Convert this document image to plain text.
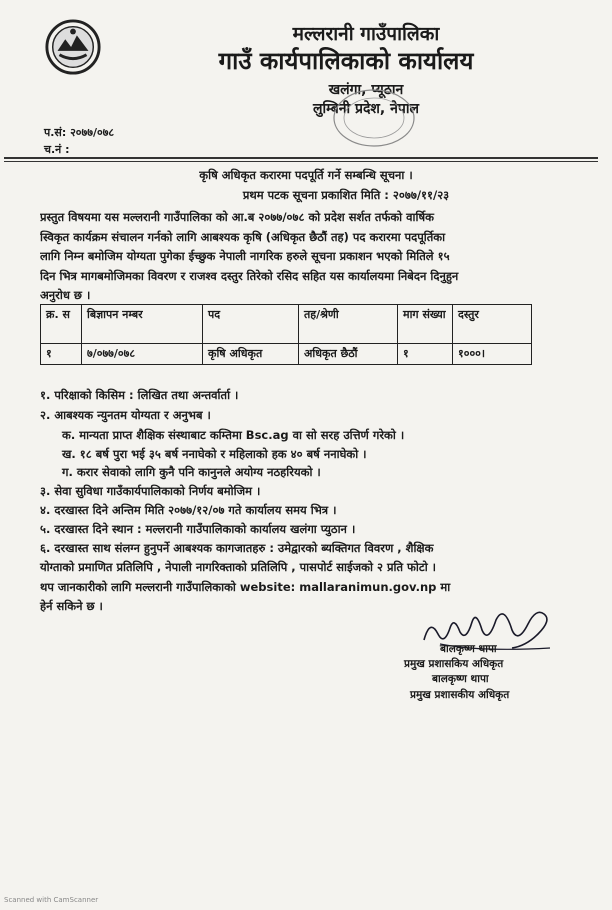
मल्लरानी गाउँपालिका
गाउँ कार्यपालिकाको कार्यालय
खलंगा, प्यूठान
लुम्बिनी प्रदेश, नेपाल
प.सं: २०७७/०७८
च.नं :
कृषि अधिकृत करारमा पदपूर्ति गर्ने सम्बन्धि सूचना ।
प्रथम पटक सूचना प्रकाशित मिति : २०७७/११/२३
प्रस्तुत विषयमा यस मल्लरानी गाउँपालिका को आ.ब २०७७/०७८ को प्रदेश सर्शत तर्फको वार्षिक
स्विकृत कार्यक्रम संचालन गर्नको लागि आबश्यक कृषि (अधिकृत छैठौं तह) पद करारमा पदपूर्तिका
लागि निम्न बमोजिम योग्यता पुगेका ईच्छुक नेपाली नागरिक हरुले सूचना प्रकाशन भएको मितिले १५
दिन भित्र मागबमोजिमका विवरण र राजश्व दस्तुर तिरेको रसिद सहित यस कार्यालयमा निबेदन दिनुहुन
अनुरोध छ ।
क्र. स	बिज्ञापन नम्बर	पद	तह/श्रेणी	माग संख्या	दस्तुर
१	७/०७७/०७८	कृषि अधिकृत	अधिकृत छैठौं	१	१०००।
१. परिक्षाको किसिम : लिखित तथा अन्तर्वार्ता ।
२. आबश्यक न्युनतम योग्यता र अनुभब ।
क. मान्यता प्राप्त शैक्षिक संस्थाबाट कम्तिमा Bsc.ag वा सो सरह उत्तिर्ण गरेको ।
ख. १८ बर्ष पुरा भई ३५ बर्ष ननाघेको र महिलाको हक ४० बर्ष ननाघेको ।
ग. करार सेवाको लागि कुनै पनि कानुनले अयोग्य नठहरियको ।
३. सेवा सुविधा गाउँकार्यपालिकाको निर्णय बमोजिम ।
४. दरखास्त दिने अन्तिम मिति २०७७/१२/०७ गते कार्यालय समय भित्र ।
५. दरखास्त दिने स्थान : मल्लरानी गाउँपालिकाको कार्यालय खलंगा प्युठान ।
६. दरखास्त साथ संलग्न हुनुपर्ने आबश्यक कागजातहरु : उमेद्वारको ब्यक्तिगत विवरण , शैक्षिक
योग्ताको प्रमाणित प्रतिलिपि , नेपाली नागरिक्ताको प्रतिलिपि , पासपोर्ट साईजको २ प्रति फोटो ।
थप जानकारीको लागि मल्लरानी गाउँपालिकाको website: mallaranimun.gov.np मा
हेर्न सकिने छ ।
बालकृष्ण थापा
प्रमुख प्रशासकिय अधिकृत
बालकृष्ण थापा
प्रमुख प्रशासकीय अधिकृत
Scanned with CamScanner
